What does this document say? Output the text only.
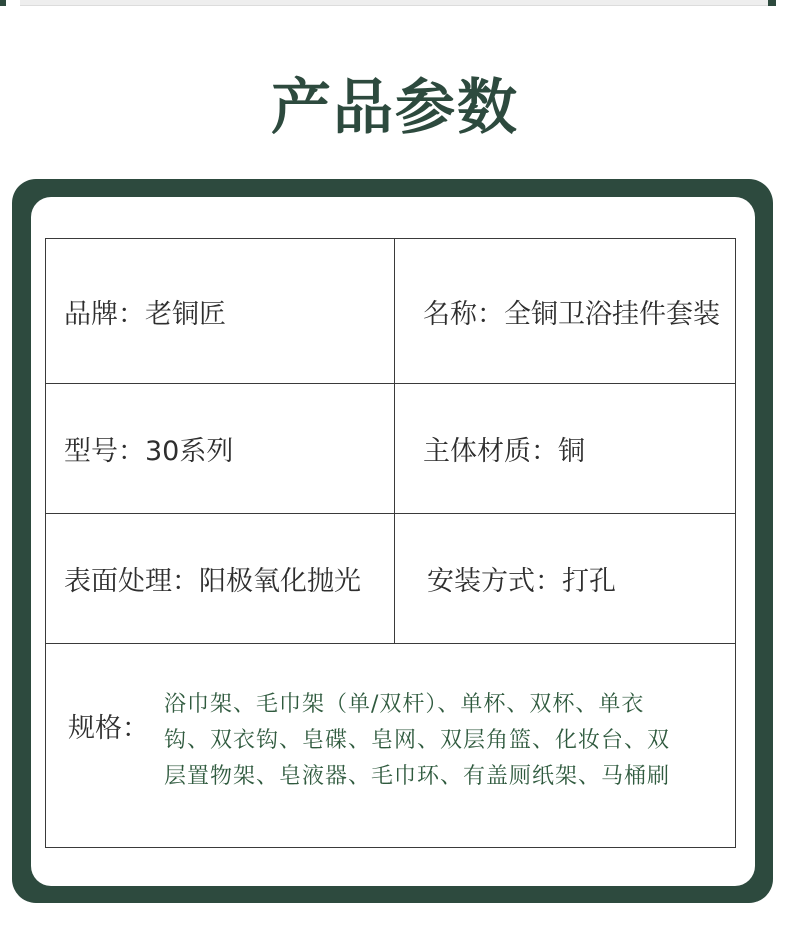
产品参数
品牌：老铜匠	名称：全铜卫浴挂件套装
型号：30系列	主体材质：铜
表面处理：阳极氧化抛光 安装方式：打孔
规格：
浴巾架、毛巾架（单/双杆）、单杯、双杯、单衣
钩、双衣钩、皂碟、皂网、双层角篮、化妆台、双
层置物架、皂液器、毛巾环、有盖厕纸架、马桶刷
